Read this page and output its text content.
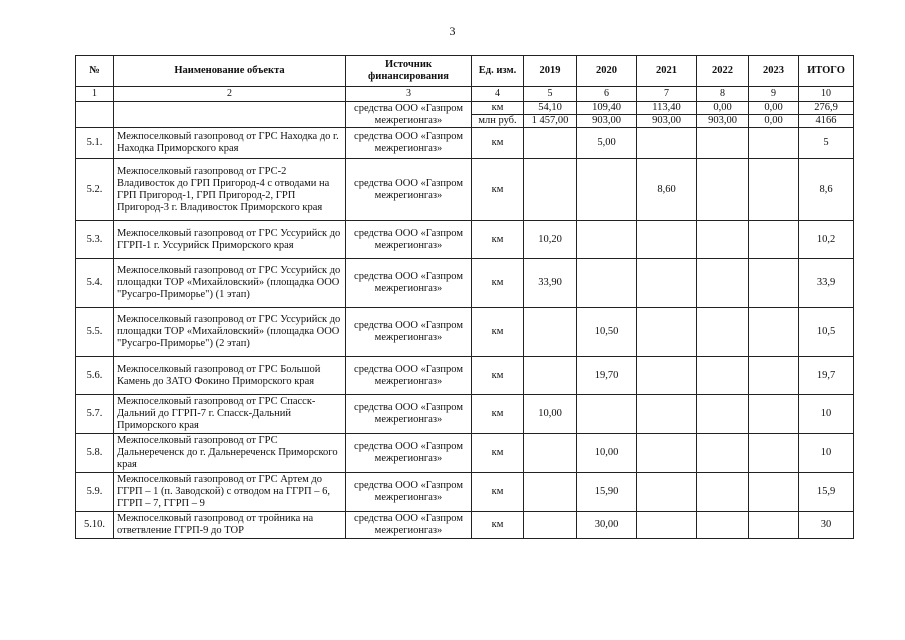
3
№	Наименование объекта	Источник финансирования	Ед. изм.	2019	2020	2021	2022	2023	ИТОГО
1	2	3	4	5	6	7	8	9	10
		средства ООО «Газпром межрегионгаз»	км	54,10	109,40	113,40	0,00	0,00	276,9
			млн руб.	1 457,00	903,00	903,00	903,00	0,00	4166
5.1.	Межпоселковый газопровод от ГРС Находка до г. Находка Приморского края	средства ООО «Газпром межрегионгаз»	км		5,00				5
5.2.	Межпоселковый газопровод от ГРС-2 Владивосток до ГРП Пригород-4 с отводами на ГРП Пригород-1, ГРП Пригород-2, ГРП Пригород-3 г. Владивосток Приморского края	средства ООО «Газпром межрегионгаз»	км			8,60			8,6
5.3.	Межпоселковый газопровод от ГРС Уссурийск до ГГРП-1 г. Уссурийск Приморского края	средства ООО «Газпром межрегионгаз»	км	10,20					10,2
5.4.	Межпоселковый газопровод от ГРС Уссурийск до площадки ТОР «Михайловский» (площадка ООО "Русагро-Приморье") (1 этап)	средства ООО «Газпром межрегионгаз»	км	33,90					33,9
5.5.	Межпоселковый газопровод от ГРС Уссурийск до площадки ТОР «Михайловский» (площадка ООО "Русагро-Приморье") (2 этап)	средства ООО «Газпром межрегионгаз»	км		10,50				10,5
5.6.	Межпоселковый газопровод от ГРС Большой Камень до ЗАТО Фокино Приморского края	средства ООО «Газпром межрегионгаз»	км		19,70				19,7
5.7.	Межпоселковый газопровод от ГРС Спасск-Дальний до ГГРП-7 г. Спасск-Дальний Приморского края	средства ООО «Газпром межрегионгаз»	км	10,00					10
5.8.	Межпоселковый газопровод от ГРС Дальнереченск до г. Дальнереченск Приморского края	средства ООО «Газпром межрегионгаз»	км		10,00				10
5.9.	Межпоселковый газопровод от ГРС Артем до ГГРП – 1 (п. Заводской) с отводом на ГГРП – 6, ГГРП – 7, ГГРП – 9	средства ООО «Газпром межрегионгаз»	км		15,90				15,9
5.10.	Межпоселковый газопровод от тройника на ответвление ГГРП-9 до ТОР	средства ООО «Газпром межрегионгаз»	км		30,00				30
